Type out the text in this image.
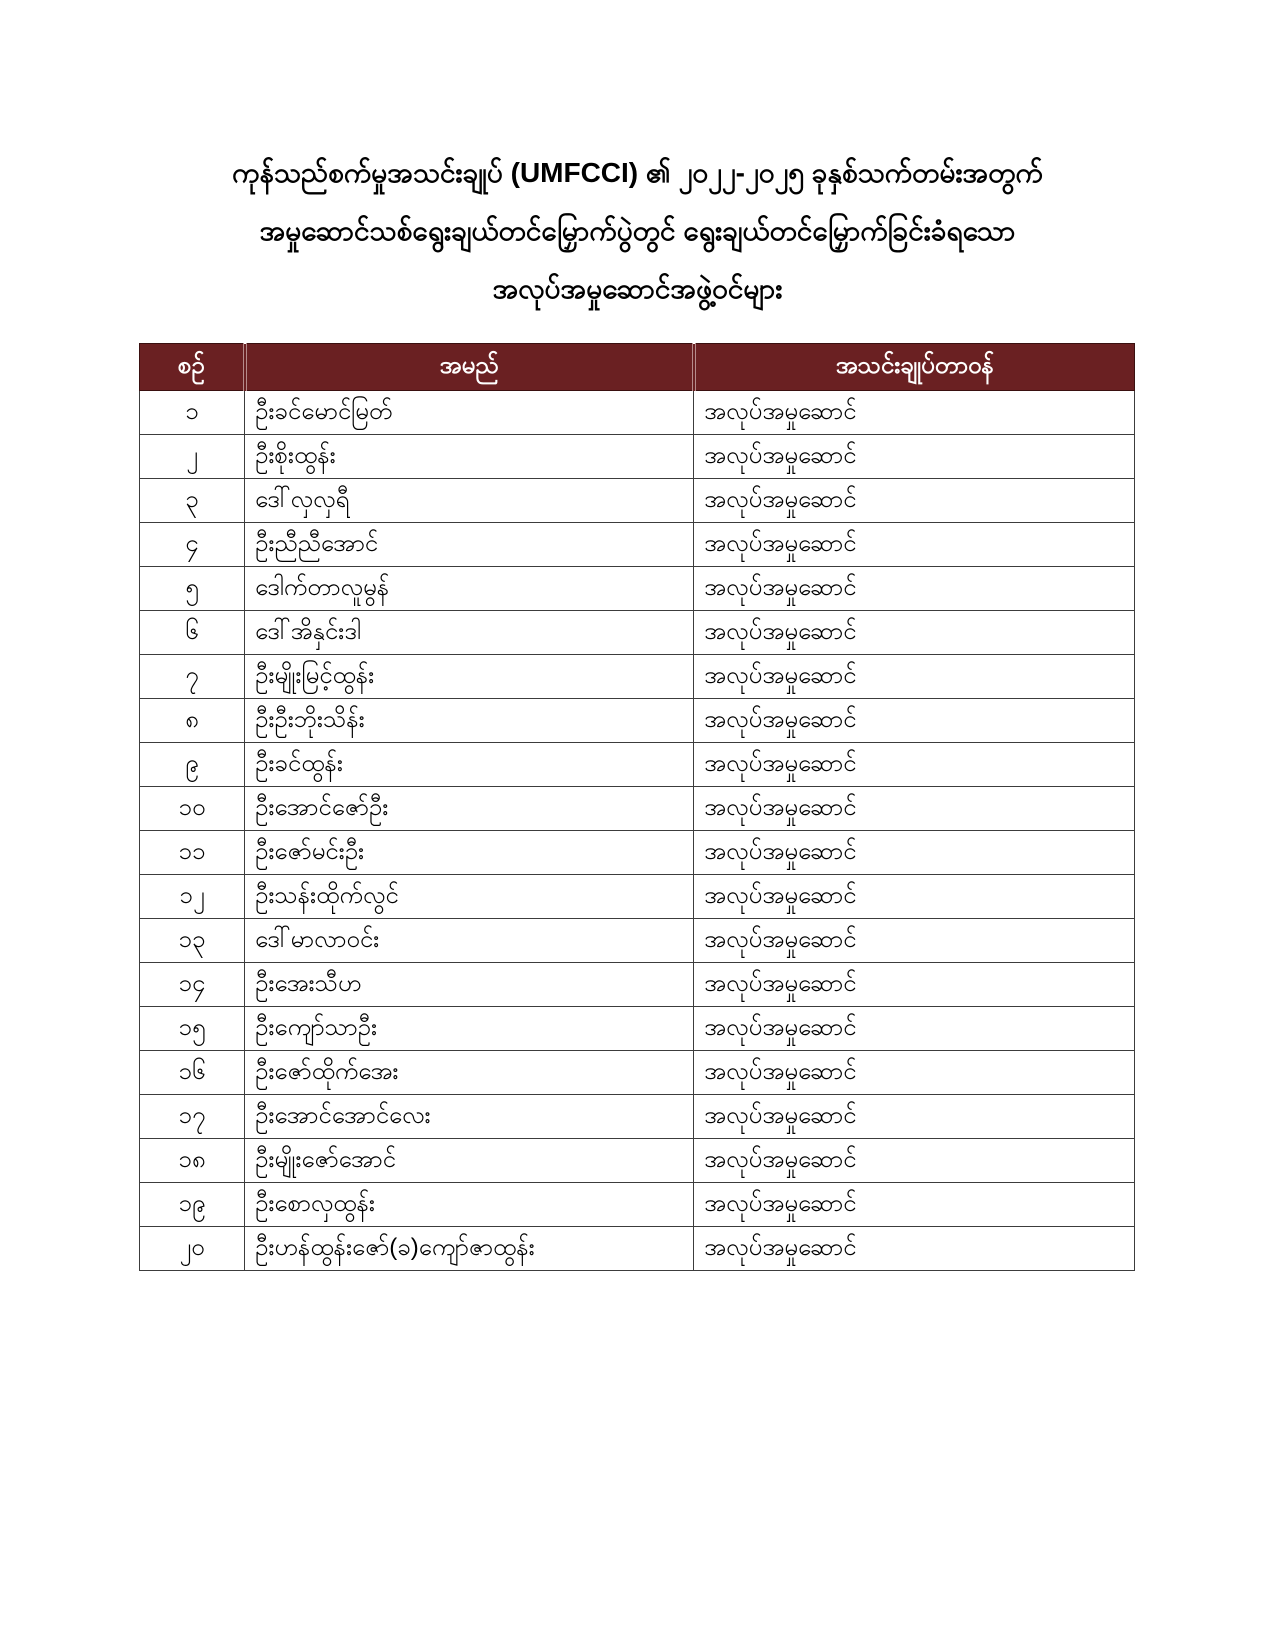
ကုန်သည်စက်မှုအသင်းချုပ် (UMFCCI) ၏ ၂၀၂၂-၂၀၂၅ ခုနှစ်သက်တမ်းအတွက်
အမှုဆောင်သစ်ရွေးချယ်တင်မြှောက်ပွဲတွင် ရွေးချယ်တင်မြှောက်ခြင်းခံရသော
အလုပ်အမှုဆောင်အဖွဲ့ဝင်များ
စဉ်	အမည်	အသင်းချုပ်တာဝန်
၁	ဦးခင်မောင်မြတ်	အလုပ်အမှုဆောင်
၂	ဦးစိုးထွန်း	အလုပ်အမှုဆောင်
၃	ဒေါ်လှလှရီ	အလုပ်အမှုဆောင်
၄	ဦးညီညီအောင်	အလုပ်အမှုဆောင်
၅	ဒေါက်တာလူမွန်	အလုပ်အမှုဆောင်
၆	ဒေါ်အိနှင်းဒါ	အလုပ်အမှုဆောင်
၇	ဦးမျိုးမြင့်ထွန်း	အလုပ်အမှုဆောင်
၈	ဦးဦးဘိုးသိန်း	အလုပ်အမှုဆောင်
၉	ဦးခင်ထွန်း	အလုပ်အမှုဆောင်
၁၀	ဦးအောင်ဇော်ဦး	အလုပ်အမှုဆောင်
၁၁	ဦးဇော်မင်းဦး	အလုပ်အမှုဆောင်
၁၂	ဦးသန်းထိုက်လွင်	အလုပ်အမှုဆောင်
၁၃	ဒေါ်မာလာဝင်း	အလုပ်အမှုဆောင်
၁၄	ဦးအေးသီဟ	အလုပ်အမှုဆောင်
၁၅	ဦးကျော်သာဦး	အလုပ်အမှုဆောင်
၁၆	ဦးဇော်ထိုက်အေး	အလုပ်အမှုဆောင်
၁၇	ဦးအောင်အောင်လေး	အလုပ်အမှုဆောင်
၁၈	ဦးမျိုးဇော်အောင်	အလုပ်အမှုဆောင်
၁၉	ဦးစောလှထွန်း	အလုပ်အမှုဆောင်
၂၀	ဦးဟန်ထွန်းဇော်(ခ)ကျော်ဇာထွန်း	အလုပ်အမှုဆောင်
